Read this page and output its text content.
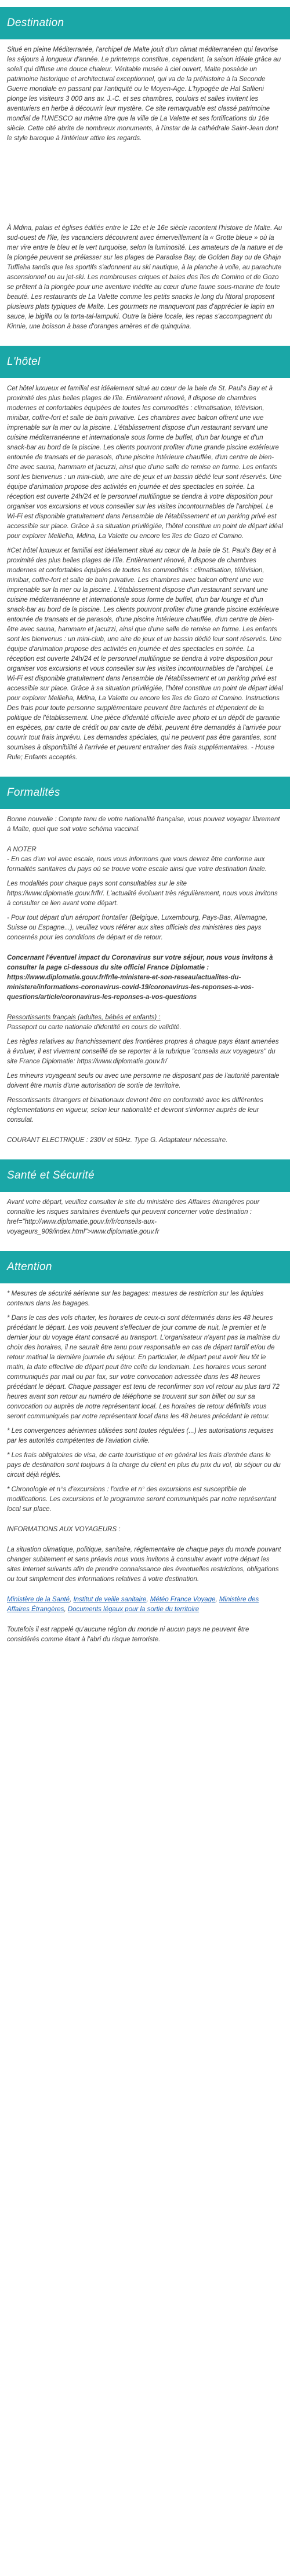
Destination

Situé en pleine Méditerranée, l'archipel de Malte jouit d'un climat méditerranéen qui favorise les séjours à longueur d'année. Le printemps constitue, cependant, la saison idéale grâce au soleil qui diffuse une douce chaleur. Véritable musée à ciel ouvert, Malte possède un patrimoine historique et architectural exceptionnel, qui va de la préhistoire à la Seconde Guerre mondiale en passant par l'antiquité ou le Moyen-Age. L'hypogée de Hal Saflieni plonge les visiteurs 3 000 ans av. J.-C. et ses chambres, couloirs et salles invitent les aventuriers en herbe à découvrir leur mystère. Ce site remarquable est classé patrimoine mondial de l'UNESCO au même titre que la ville de La Valette et ses fortifications du 16e siècle. Cette cité abrite de nombreux monuments, à l'instar de la cathédrale Saint-Jean dont le style baroque à l'intérieur attire les regards.

À Mdina, palais et églises édifiés entre le 12e et le 16e siècle racontent l'histoire de Malte. Au sud-ouest de l'île, les vacanciers découvrent avec émerveillement la « Grotte bleue » où la mer vire entre le bleu et le vert turquoise, selon la luminosité. Les amateurs de la nature et de la plongée peuvent se prélasser sur les plages de Paradise Bay, de Golden Bay ou de Għajn Tuffieħa tandis que les sportifs s'adonnent au ski nautique, à la planche à voile, au parachute ascensionnel ou au jet-ski. Les nombreuses criques et baies des îles de Comino et de Gozo se prêtent à la plongée pour une aventure inédite au cœur d'une faune sous-marine de toute beauté. Les restaurants de La Valette comme les petits snacks le long du littoral proposent plusieurs plats typiques de Malte. Les gourmets ne manqueront pas d'apprécier le lapin en sauce, le bigilla ou la torta-tal-lampuki. Outre la bière locale, les repas s'accompagnent du Kinnie, une boisson à base d'oranges amères et de quinquina.

L'hôtel

Cet hôtel luxueux et familial est idéalement situé au cœur de la baie de St. Paul's Bay et à proximité des plus belles plages de l'île. Entièrement rénové, il dispose de chambres modernes et confortables équipées de toutes les commodités : climatisation, télévision, minibar, coffre-fort et salle de bain privative. Les chambres avec balcon offrent une vue imprenable sur la mer ou la piscine. L'établissement dispose d'un restaurant servant une cuisine méditerranéenne et internationale sous forme de buffet, d'un bar lounge et d'un snack-bar au bord de la piscine. Les clients pourront profiter d'une grande piscine extérieure entourée de transats et de parasols, d'une piscine intérieure chauffée, d'un centre de bien-être avec sauna, hammam et jacuzzi, ainsi que d'une salle de remise en forme. Les enfants sont les bienvenus : un mini-club, une aire de jeux et un bassin dédié leur sont réservés. Une équipe d'animation propose des activités en journée et des spectacles en soirée. La réception est ouverte 24h/24 et le personnel multilingue se tiendra à votre disposition pour organiser vos excursions et vous conseiller sur les visites incontournables de l'archipel. Le Wi-Fi est disponible gratuitement dans l'ensemble de l'établissement et un parking privé est accessible sur place. Grâce à sa situation privilégiée, l'hôtel constitue un point de départ idéal pour explorer Mellieħa, Mdina, La Valette ou encore les îles de Gozo et Comino.

#Cet hôtel luxueux et familial est idéalement situé au cœur de la baie de St. Paul's Bay et à proximité des plus belles plages de l'île. Entièrement rénové, il dispose de chambres modernes et confortables équipées de toutes les commodités : climatisation, télévision, minibar, coffre-fort et salle de bain privative. Les chambres avec balcon offrent une vue imprenable sur la mer ou la piscine. L'établissement dispose d'un restaurant servant une cuisine méditerranéenne et internationale sous forme de buffet, d'un bar lounge et d'un snack-bar au bord de la piscine. Les clients pourront profiter d'une grande piscine extérieure entourée de transats et de parasols, d'une piscine intérieure chauffée, d'un centre de bien-être avec sauna, hammam et jacuzzi, ainsi que d'une salle de remise en forme. Les enfants sont les bienvenus : un mini-club, une aire de jeux et un bassin dédié leur sont réservés. Une équipe d'animation propose des activités en journée et des spectacles en soirée. La réception est ouverte 24h/24 et le personnel multilingue se tiendra à votre disposition pour organiser vos excursions et vous conseiller sur les visites incontournables de l'archipel. Le Wi-Fi est disponible gratuitement dans l'ensemble de l'établissement et un parking privé est accessible sur place. Grâce à sa situation privilégiée, l'hôtel constitue un point de départ idéal pour explorer Mellieħa, Mdina, La Valette ou encore les îles de Gozo et Comino. Instructions Des frais pour toute personne supplémentaire peuvent être facturés et dépendent de la politique de l'établissement. Une pièce d'identité officielle avec photo et un dépôt de garantie en espèces, par carte de crédit ou par carte de débit, peuvent être demandés à l'arrivée pour couvrir tout frais imprévu. Les demandes spéciales, qui ne peuvent pas être garanties, sont soumises à disponibilité à l'arrivée et peuvent entraîner des frais supplémentaires. - House Rule; Enfants acceptés.

Formalités

Bonne nouvelle : Compte tenu de votre nationalité française, vous pouvez voyager librement à Malte, quel que soit votre schéma vaccinal.

A NOTER

- En cas d'un vol avec escale, nous vous informons que vous devrez être conforme aux formalités sanitaires du pays où se trouve votre escale ainsi que votre destination finale.

Les modalités pour chaque pays sont consultables sur le site https://www.diplomatie.gouv.fr/fr/. L'actualité évoluant très régulièrement, nous vous invitons à consulter ce lien avant votre départ.

- Pour tout départ d'un aéroport frontalier (Belgique, Luxembourg, Pays-Bas, Allemagne, Suisse ou Espagne...), veuillez vous référer aux sites officiels des ministères des pays concernés pour les conditions de départ et de retour.

Concernant l'éventuel impact du Coronavirus sur votre séjour, nous vous invitons à consulter la page ci-dessous du site officiel France Diplomatie : https://www.diplomatie.gouv.fr/fr/le-ministere-et-son-reseau/actualites-du-ministere/informations-coronavirus-covid-19/coronavirus-les-reponses-a-vos-questions/article/coronavirus-les-reponses-a-vos-questions

Ressortissants français (adultes, bébés et enfants) :

Passeport ou carte nationale d'identité en cours de validité.

Les règles relatives au franchissement des frontières propres à chaque pays étant amenées à évoluer, il est vivement conseillé de se reporter à la rubrique "conseils aux voyageurs" du site France Diplomatie: https://www.diplomatie.gouv.fr/

Les mineurs voyageant seuls ou avec une personne ne disposant pas de l'autorité parentale doivent être munis d'une autorisation de sortie de territoire.

Ressortissants étrangers et binationaux devront être en conformité avec les différentes réglementations en vigueur, selon leur nationalité et devront s'informer auprès de leur consulat.

COURANT ELECTRIQUE : 230V et 50Hz. Type G. Adaptateur nécessaire.

Santé et Sécurité

Avant votre départ, veuillez consulter le site du ministère des Affaires étrangères pour connaître les risques sanitaires éventuels qui peuvent concerner votre destination : href="http://www.diplomatie.gouv.fr/fr/conseils-aux-voyageurs_909/index.html">www.diplomatie.gouv.fr

Attention

* Mesures de sécurité aérienne sur les bagages: mesures de restriction sur les liquides contenus dans les bagages.

* Dans le cas des vols charter, les horaires de ceux-ci sont déterminés dans les 48 heures précédant le départ. Les vols peuvent s'effectuer de jour comme de nuit, le premier et le dernier jour du voyage étant consacré au transport. L'organisateur n'ayant pas la maîtrise du choix des horaires, il ne saurait être tenu pour responsable en cas de départ tardif et/ou de retour matinal la dernière journée du séjour. En particulier, le départ peut avoir lieu tôt le matin, la date effective de départ peut être celle du lendemain. Les horaires vous seront communiqués par mail ou par fax, sur votre convocation adressée dans les 48 heures précédant le départ. Chaque passager est tenu de reconfirmer son vol retour au plus tard 72 heures avant son retour au numéro de téléphone se trouvant sur son billet ou sur sa convocation ou auprès de notre représentant local. Les horaires de retour définitifs vous seront communiqués par notre représentant local dans les 48 heures précédant le retour.

* Les convergences aériennes utilisées sont toutes régulées (...) les autorisations requises par les autorités compétentes de l'aviation civile.

* Les frais obligatoires de visa, de carte touristique et en général les frais d'entrée dans le pays de destination sont toujours à la charge du client en plus du prix du vol, du séjour ou du circuit déjà réglés.

* Chronologie et n°s d'excursions : l'ordre et n° des excursions est susceptible de modifications. Les excursions et le programme seront communiqués par notre représentant local sur place.

INFORMATIONS AUX VOYAGEURS :

La situation climatique, politique, sanitaire, réglementaire de chaque pays du monde pouvant changer subitement et sans préavis nous vous invitons à consulter avant votre départ les sites Internet suivants afin de prendre connaissance des éventuelles restrictions, obligations ou tout simplement des informations relatives à votre destination.

Ministère de la Santé, Institut de veille sanitaire, Météo France Voyage, Ministère des Affaires Étrangères, Documents légaux pour la sortie du territoire

Toutefois il est rappelé qu'aucune région du monde ni aucun pays ne peuvent être considérés comme étant à l'abri du risque terroriste.
